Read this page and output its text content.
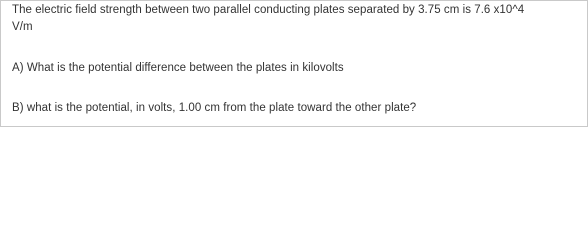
The electric field strength between two parallel conducting plates separated by 3.75 cm is 7.6 x10^4
V/m
A) What is the potential difference between the plates in kilovolts
B) what is the potential, in volts, 1.00 cm from the plate toward the other plate?
